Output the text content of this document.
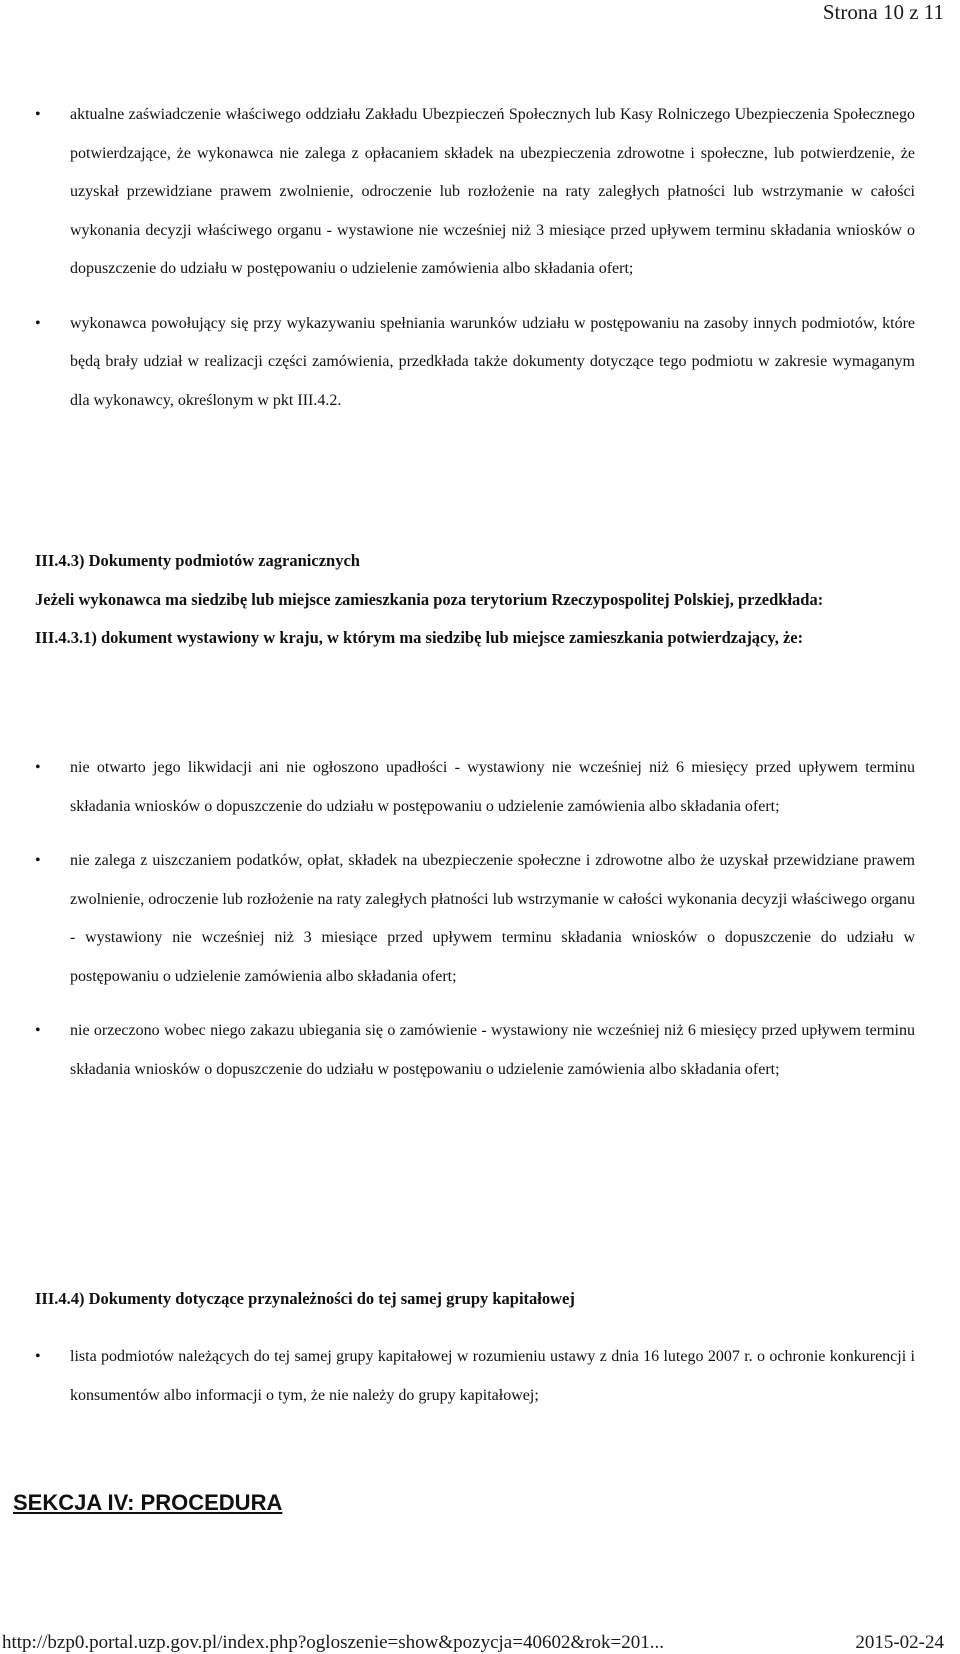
Strona 10 z 11
• aktualne zaświadczenie właściwego oddziału Zakładu Ubezpieczeń Społecznych lub Kasy Rolniczego Ubezpieczenia Społecznego potwierdzające, że wykonawca nie zalega z opłacaniem składek na ubezpieczenia zdrowotne i społeczne, lub potwierdzenie, że uzyskał przewidziane prawem zwolnienie, odroczenie lub rozłożenie na raty zaległych płatności lub wstrzymanie w całości wykonania decyzji właściwego organu - wystawione nie wcześniej niż 3 miesiące przed upływem terminu składania wniosków o dopuszczenie do udziału w postępowaniu o udzielenie zamówienia albo składania ofert;
• wykonawca powołujący się przy wykazywaniu spełniania warunków udziału w postępowaniu na zasoby innych podmiotów, które będą brały udział w realizacji części zamówienia, przedkłada także dokumenty dotyczące tego podmiotu w zakresie wymaganym dla wykonawcy, określonym w pkt III.4.2.
III.4.3) Dokumenty podmiotów zagranicznych
Jeżeli wykonawca ma siedzibę lub miejsce zamieszkania poza terytorium Rzeczypospolitej Polskiej, przedkłada:
III.4.3.1) dokument wystawiony w kraju, w którym ma siedzibę lub miejsce zamieszkania potwierdzający, że:
• nie otwarto jego likwidacji ani nie ogłoszono upadłości - wystawiony nie wcześniej niż 6 miesięcy przed upływem terminu składania wniosków o dopuszczenie do udziału w postępowaniu o udzielenie zamówienia albo składania ofert;
• nie zalega z uiszczaniem podatków, opłat, składek na ubezpieczenie społeczne i zdrowotne albo że uzyskał przewidziane prawem zwolnienie, odroczenie lub rozłożenie na raty zaległych płatności lub wstrzymanie w całości wykonania decyzji właściwego organu - wystawiony nie wcześniej niż 3 miesiące przed upływem terminu składania wniosków o dopuszczenie do udziału w postępowaniu o udzielenie zamówienia albo składania ofert;
• nie orzeczono wobec niego zakazu ubiegania się o zamówienie - wystawiony nie wcześniej niż 6 miesięcy przed upływem terminu składania wniosków o dopuszczenie do udziału w postępowaniu o udzielenie zamówienia albo składania ofert;
III.4.4) Dokumenty dotyczące przynależności do tej samej grupy kapitałowej
• lista podmiotów należących do tej samej grupy kapitałowej w rozumieniu ustawy z dnia 16 lutego 2007 r. o ochronie konkurencji i konsumentów albo informacji o tym, że nie należy do grupy kapitałowej;
SEKCJA IV: PROCEDURA
http://bzp0.portal.uzp.gov.pl/index.php?ogloszenie=show&pozycja=40602&rok=201...	2015-02-24
